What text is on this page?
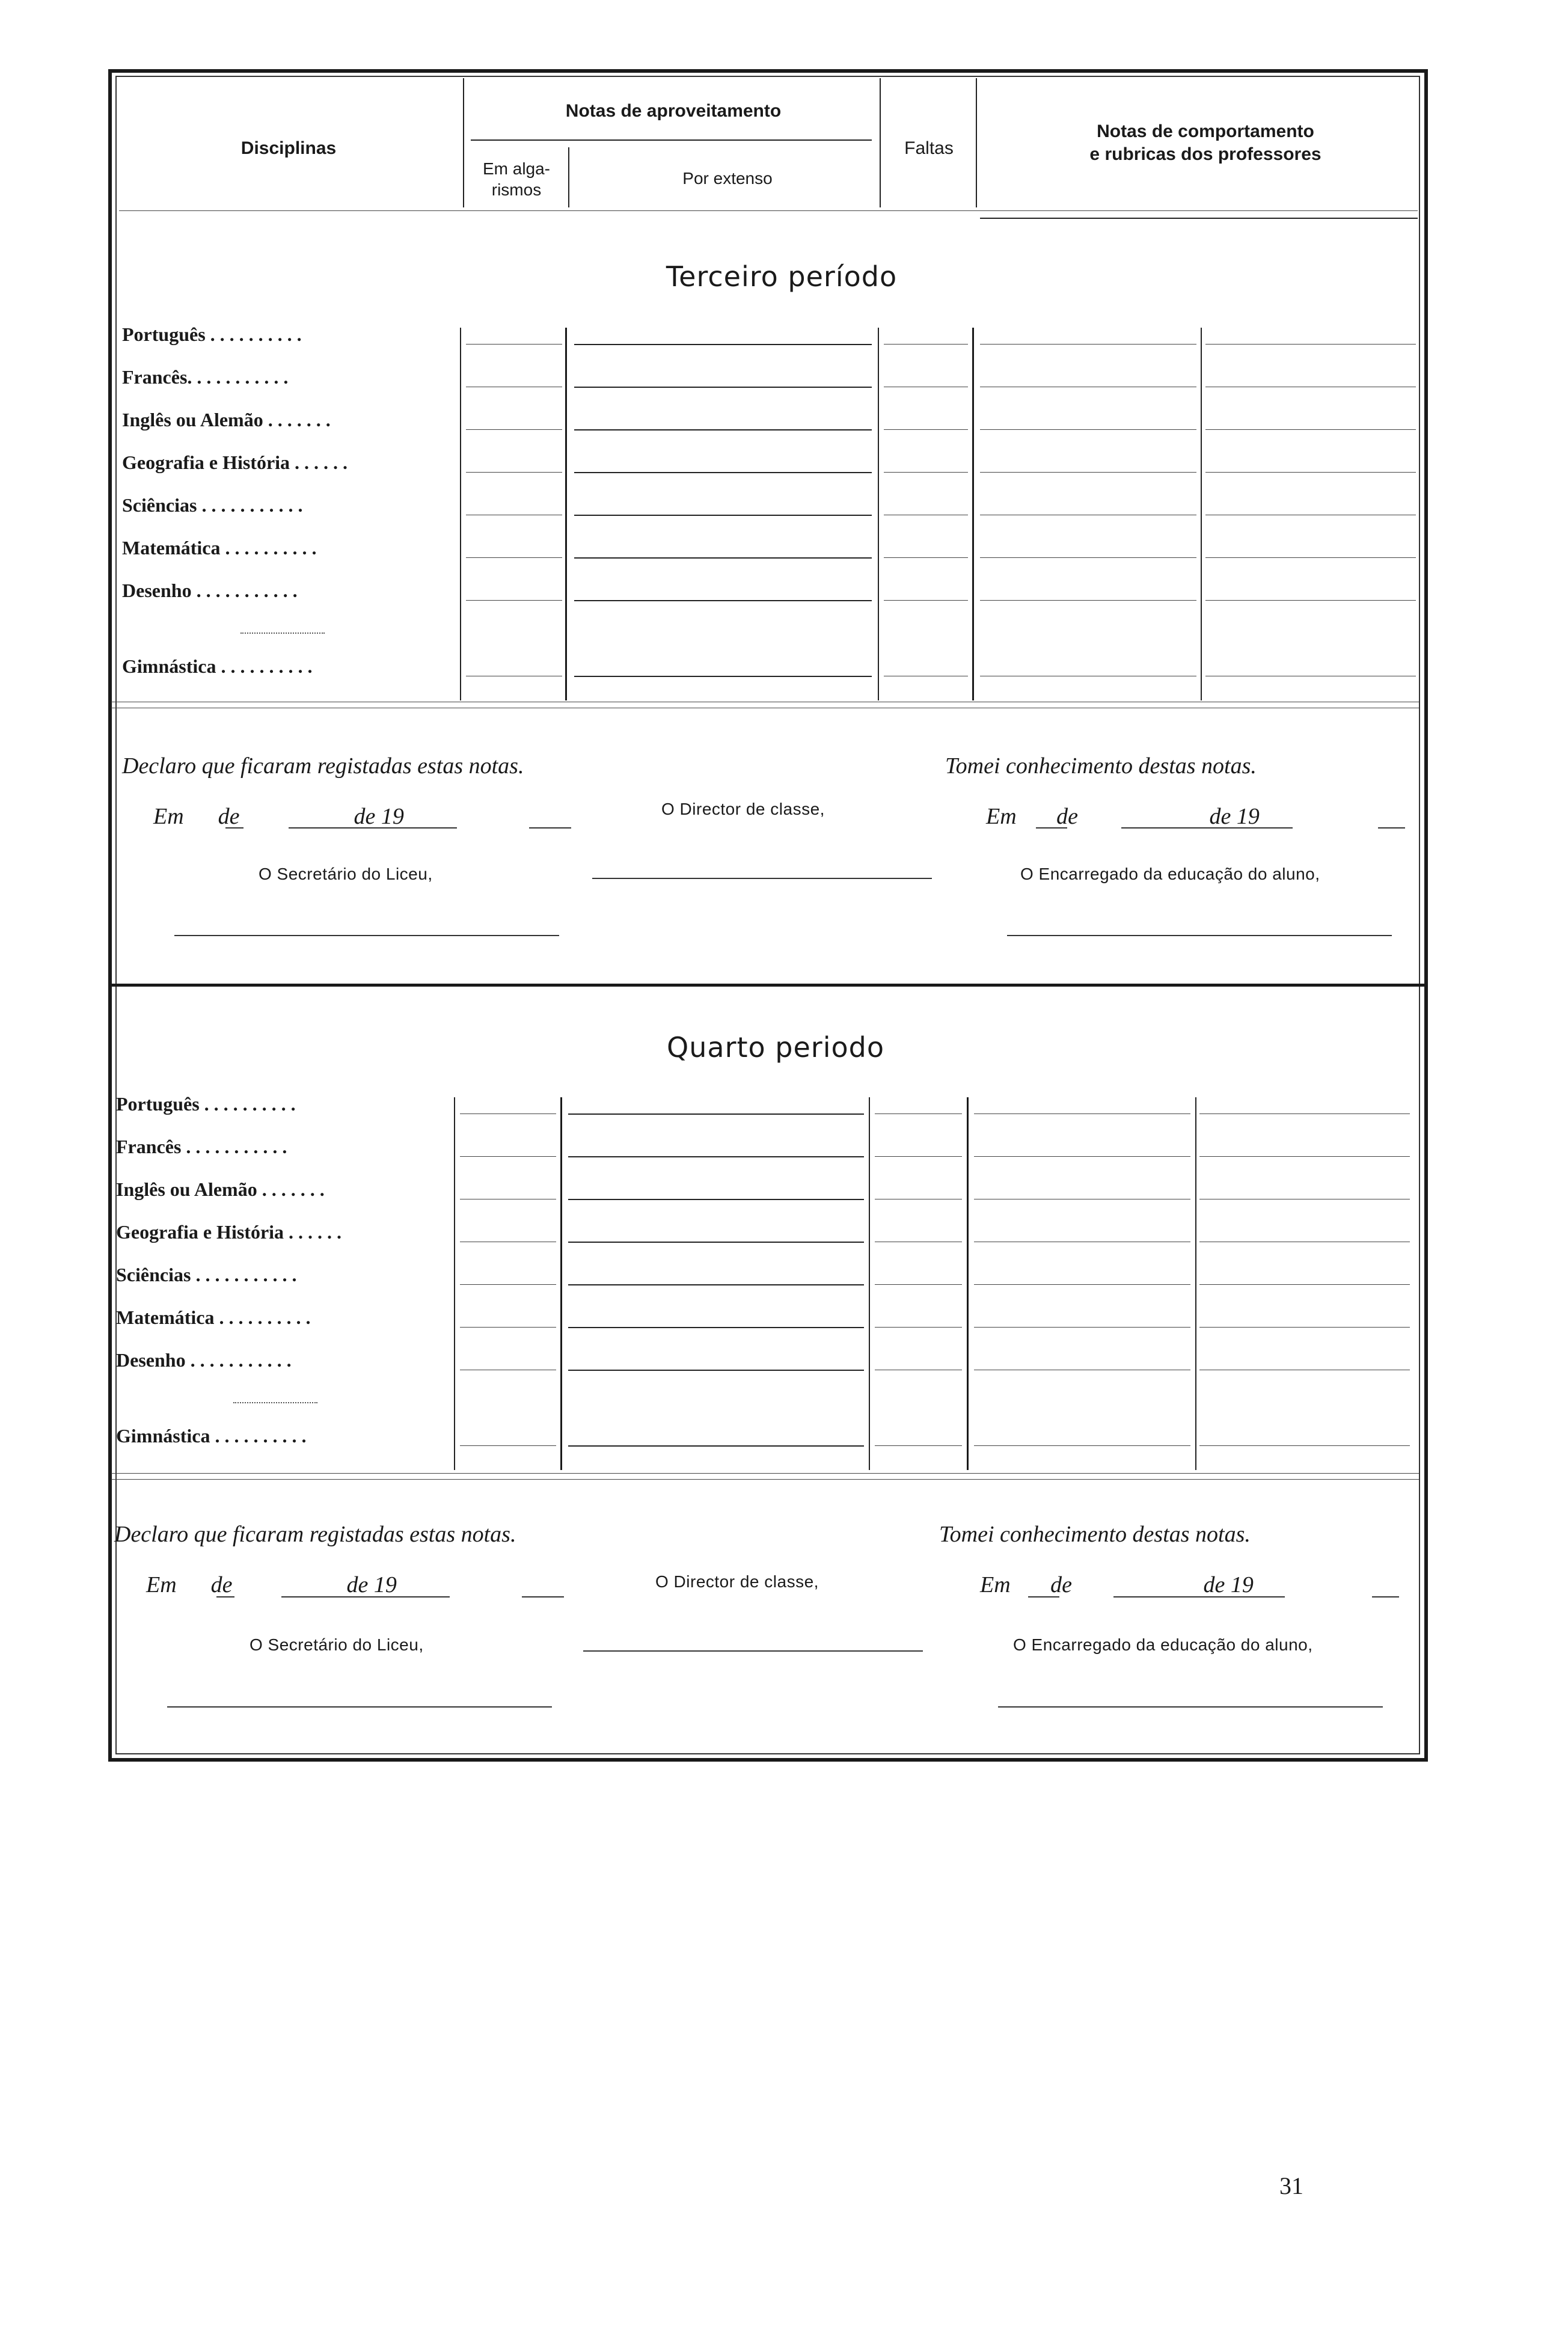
Disciplinas
Notas de aproveitamento
Em alga-
rismos
Por extenso
Faltas
Notas de comportamento
e rubricas dos professores
Terceiro período
Português . . . . . . . . . .
Francês. . . . . . . . . . .
Inglês ou Alemão . . . . . . .
Geografia e História . . . . . .
Sciências . . . . . . . . . . .
Matemática . . . . . . . . . .
Desenho . . . . . . . . . . .
Gimnástica . . . . . . . . . .
Declaro que ficaram registadas estas notas.
Em      de                    de 19	O Director de classe,
O Secretário do Liceu,
Tomei conhecimento destas notas.
Em       de                       de 19
O Encarregado da educação do aluno,
Quarto periodo
Português . . . . . . . . . .
Francês . . . . . . . . . . .
Inglês ou Alemão . . . . . . .
Geografia e História . . . . . .
Sciências . . . . . . . . . . .
Matemática . . . . . . . . . .
Desenho . . . . . . . . . . .
Gimnástica . . . . . . . . . .
Declaro que ficaram registadas estas notas.
Em      de                    de 19	O Director de classe,
O Secretário do Liceu,
Tomei conhecimento destas notas.
Em       de                       de 19
O Encarregado da educação do aluno,
31
